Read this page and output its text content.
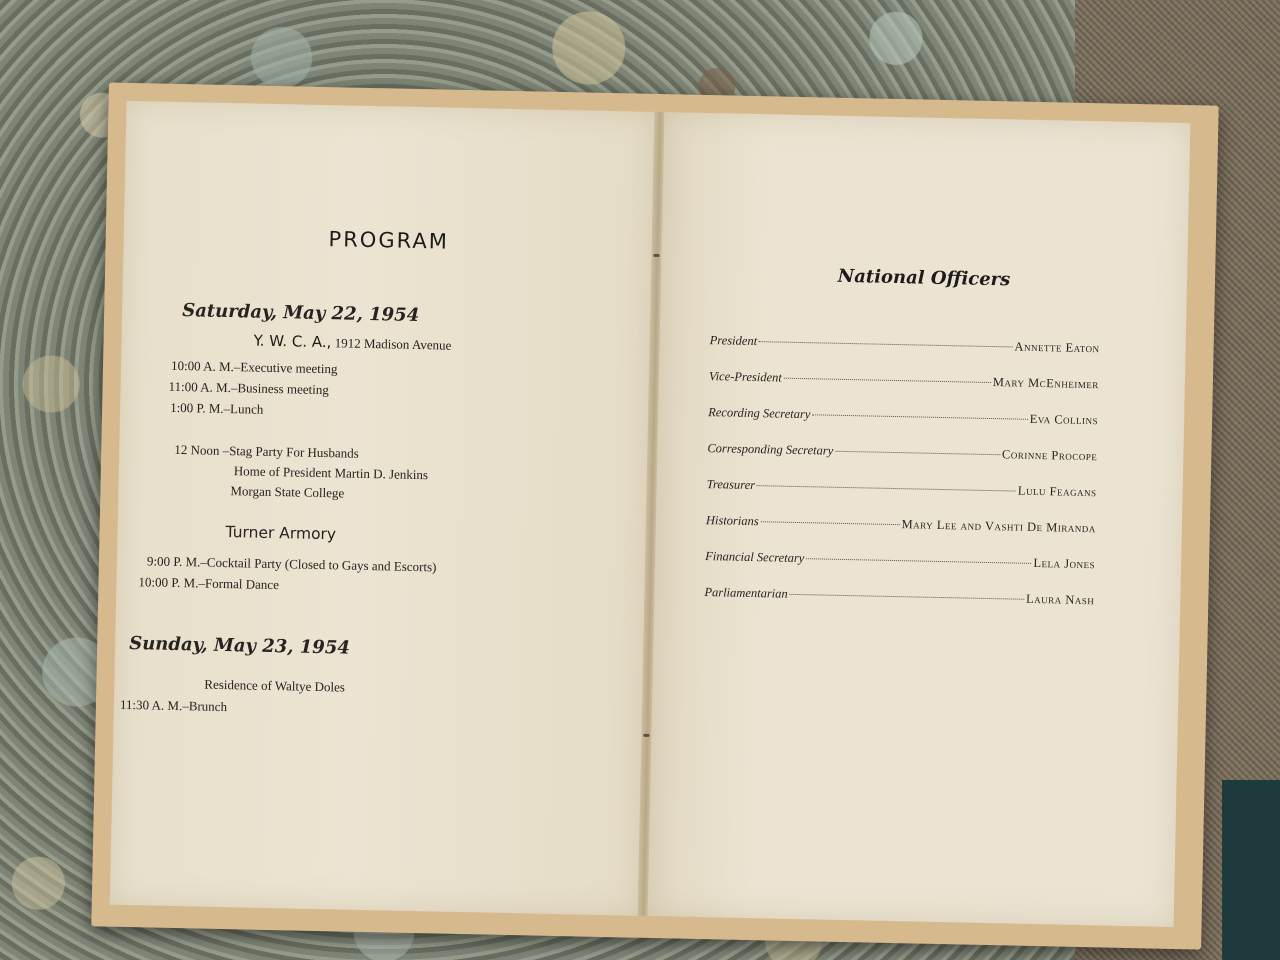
PROGRAM
Saturday, May 22, 1954
Y. W. C. A., 1912 Madison Avenue
10:00 A. M.–Executive meeting
11:00 A. M.–Business meeting
1:00 P. M.–Lunch
12 Noon –Stag Party For Husbands
Home of President Martin D. Jenkins
Morgan State College
Turner Armory
9:00 P. M.–Cocktail Party (Closed to Gays and Escorts)
10:00 P. M.–Formal Dance
Sunday, May 23, 1954
Residence of Waltye Doles
11:30 A. M.–Brunch
National Officers
President	Annette Eaton
Vice-President	Mary McEnheimer
Recording Secretary	Eva Collins
Corresponding Secretary	Corinne Procope
Treasurer	Lulu Feagans
Historians	Mary Lee and Vashti De Miranda
Financial Secretary	Lela Jones
Parliamentarian	Laura Nash
